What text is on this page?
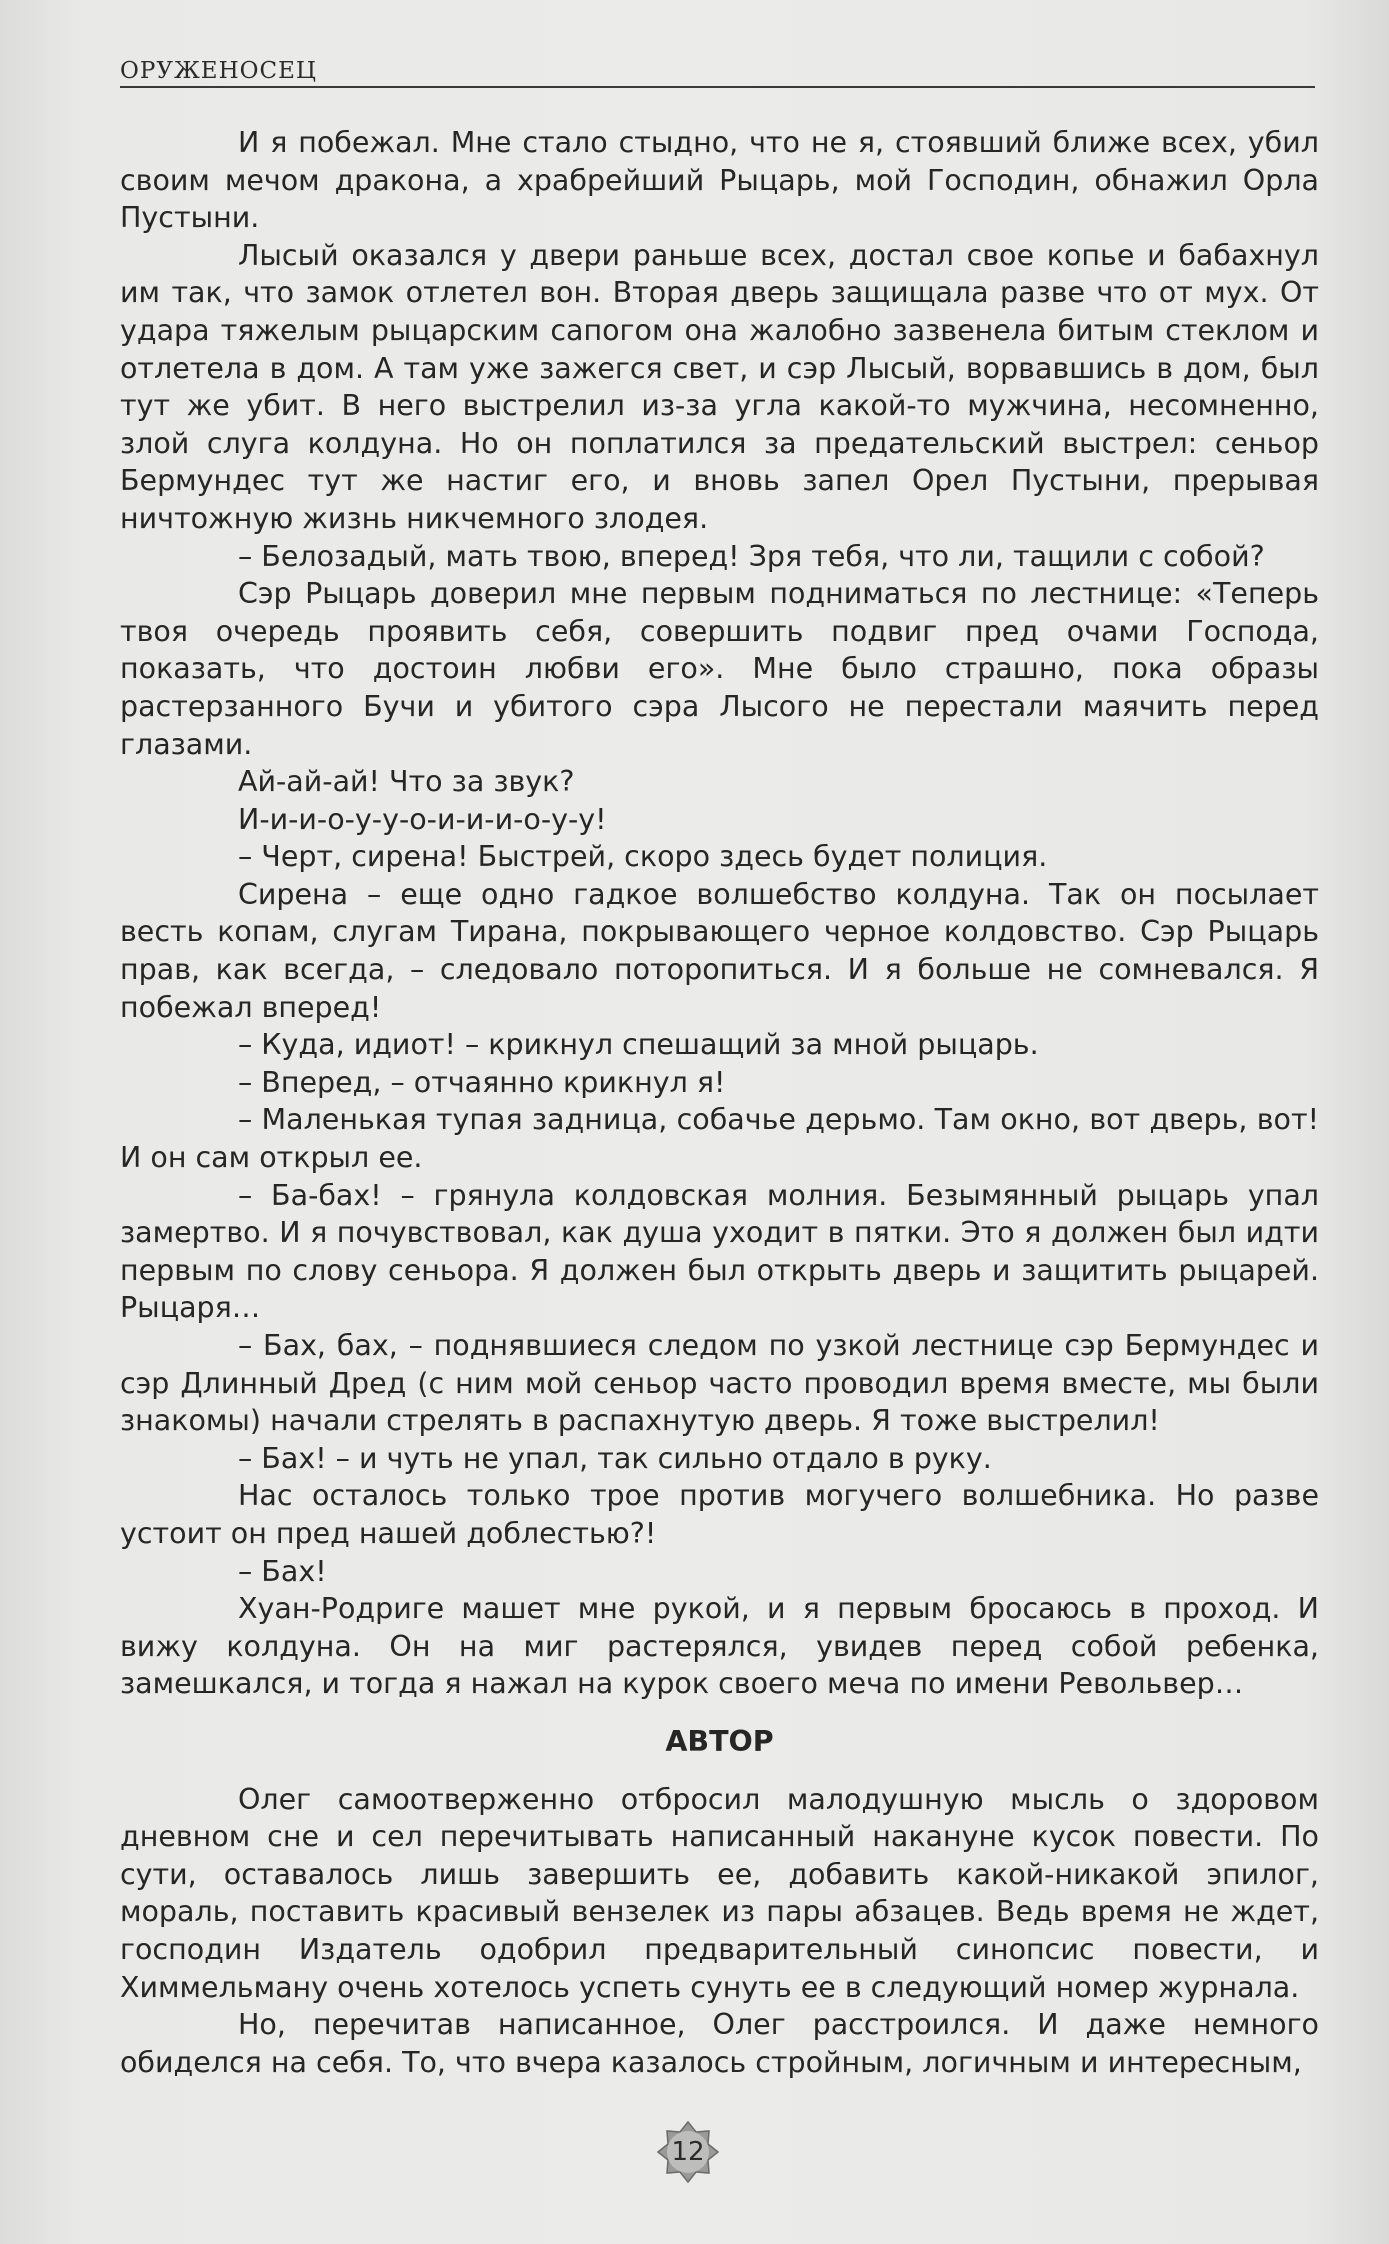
ОРУЖЕНОСЕЦ

И я побежал. Мне стало стыдно, что не я, стоявший ближе всех, убил своим мечом дракона, а храбрейший Рыцарь, мой Господин, обнажил Орла Пустыни.

Лысый оказался у двери раньше всех, достал свое копье и бабахнул им так, что замок отлетел вон. Вторая дверь защищала разве что от мух. От удара тяжелым рыцарским сапогом она жалобно зазвенела битым стеклом и отлетела в дом. А там уже зажегся свет, и сэр Лысый, ворвавшись в дом, был тут же убит. В него выстрелил из-за угла какой-то мужчина, несомненно, злой слуга колдуна. Но он поплатился за предательский выстрел: сеньор Бермундес тут же настиг его, и вновь запел Орел Пустыни, прерывая ничтожную жизнь никчемного злодея.

– Белозадый, мать твою, вперед! Зря тебя, что ли, тащили с собой?

Сэр Рыцарь доверил мне первым подниматься по лестнице: «Теперь твоя очередь проявить себя, совершить подвиг пред очами Господа, показать, что достоин любви его». Мне было страшно, пока образы растерзанного Бучи и убитого сэра Лысого не перестали маячить перед глазами.

Ай-ай-ай! Что за звук?

И-и-и-о-у-у-о-и-и-и-о-у-у!

– Черт, сирена! Быстрей, скоро здесь будет полиция.

Сирена – еще одно гадкое волшебство колдуна. Так он посылает весть копам, слугам Тирана, покрывающего черное колдовство. Сэр Рыцарь прав, как всегда, – следовало поторопиться. И я больше не сомневался. Я побежал вперед!

– Куда, идиот! – крикнул спешащий за мной рыцарь.

– Вперед, – отчаянно крикнул я!

– Маленькая тупая задница, собачье дерьмо. Там окно, вот дверь, вот! И он сам открыл ее.

– Ба-бах! – грянула колдовская молния. Безымянный рыцарь упал замертво. И я почувствовал, как душа уходит в пятки. Это я должен был идти первым по слову сеньора. Я должен был открыть дверь и защитить рыцарей. Рыцаря…

– Бах, бах, – поднявшиеся следом по узкой лестнице сэр Бермундес и сэр Длинный Дред (с ним мой сеньор часто проводил время вместе, мы были знакомы) начали стрелять в распахнутую дверь. Я тоже выстрелил!

– Бах! – и чуть не упал, так сильно отдало в руку.

Нас осталось только трое против могучего волшебника. Но разве устоит он пред нашей доблестью?!

– Бах!

Хуан-Родриге машет мне рукой, и я первым бросаюсь в проход. И вижу колдуна. Он на миг растерялся, увидев перед собой ребенка, замешкался, и тогда я нажал на курок своего меча по имени Револьвер…

АВТОР

Олег самоотверженно отбросил малодушную мысль о здоровом дневном сне и сел перечитывать написанный накануне кусок повести. По сути, оставалось лишь завершить ее, добавить какой-никакой эпилог, мораль, поставить красивый вензелек из пары абзацев. Ведь время не ждет, господин Издатель одобрил предварительный синопсис повести, и Химмельману очень хотелось успеть сунуть ее в следующий номер журнала.

Но, перечитав написанное, Олег расстроился. И даже немного обиделся на себя. То, что вчера казалось стройным, логичным и интересным,

12
